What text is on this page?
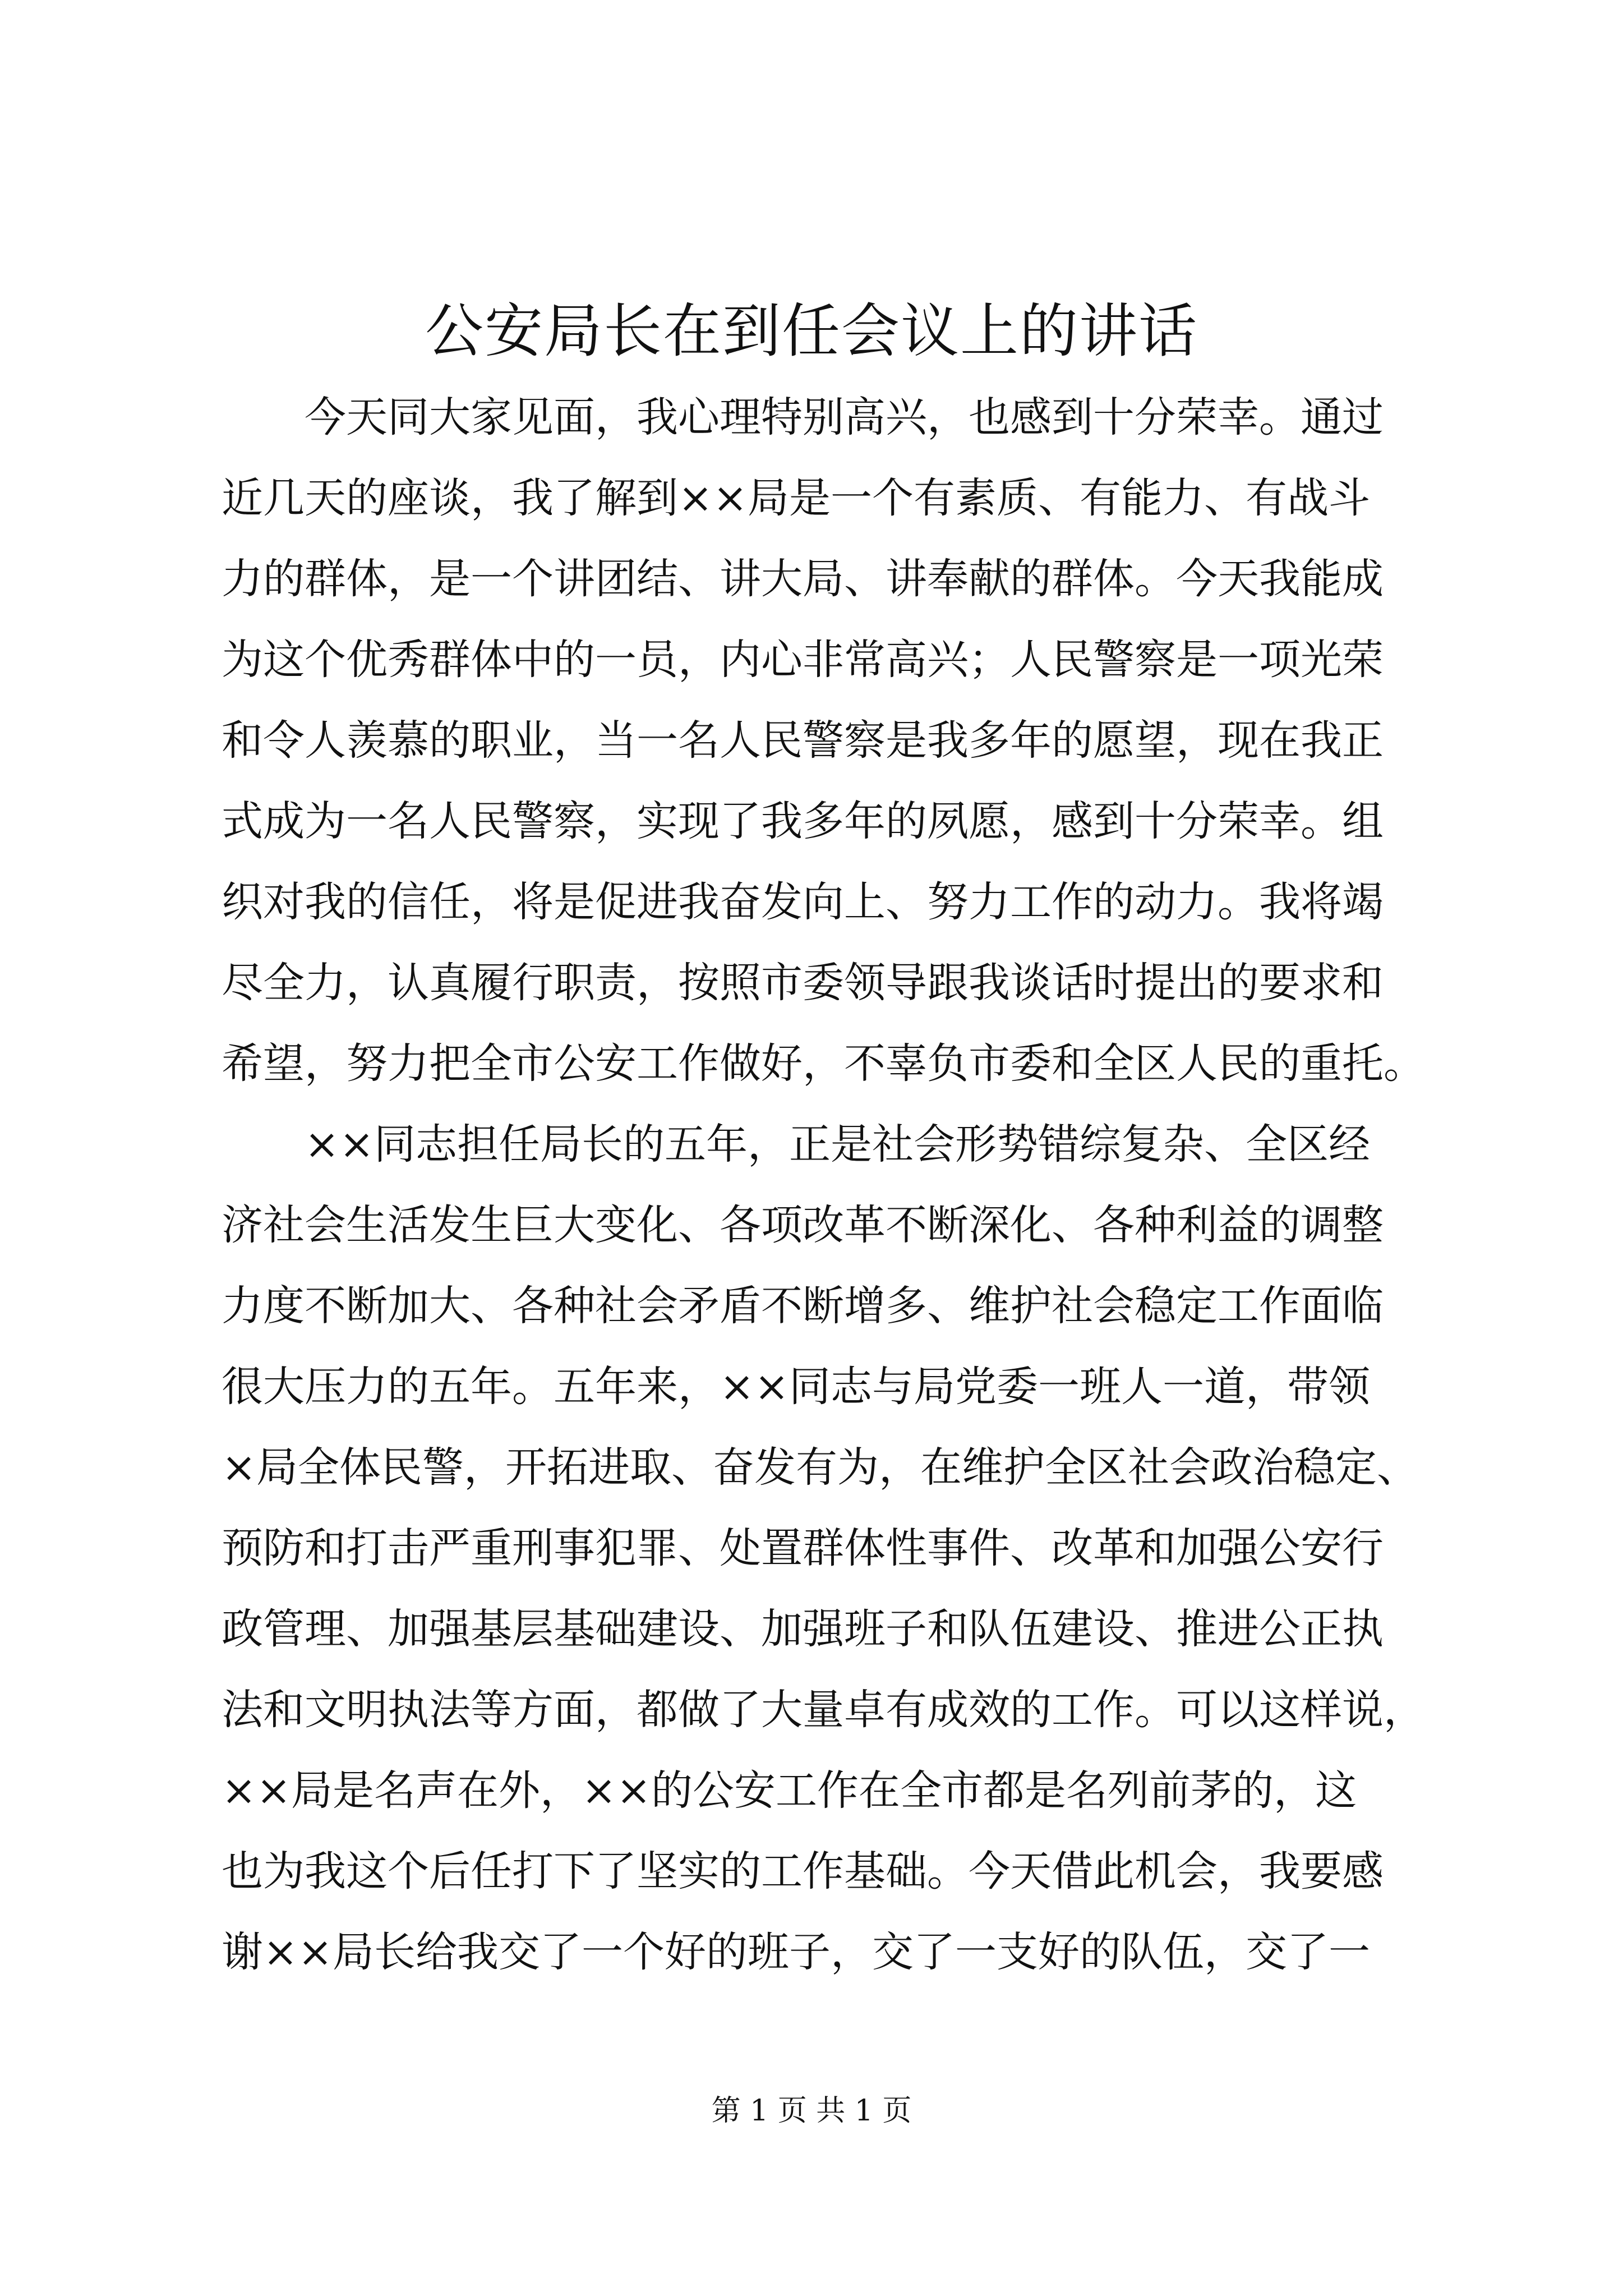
公安局长在到任会议上的讲话
今天同大家见面，我心理特别高兴，也感到十分荣幸。通过
近几天的座谈，我了解到××局是一个有素质、有能力、有战斗
力的群体，是一个讲团结、讲大局、讲奉献的群体。今天我能成
为这个优秀群体中的一员，内心非常高兴；人民警察是一项光荣
和令人羡慕的职业，当一名人民警察是我多年的愿望，现在我正
式成为一名人民警察，实现了我多年的夙愿，感到十分荣幸。组
织对我的信任，将是促进我奋发向上、努力工作的动力。我将竭
尽全力，认真履行职责，按照市委领导跟我谈话时提出的要求和
希望，努力把全市公安工作做好，不辜负市委和全区人民的重托。
××同志担任局长的五年，正是社会形势错综复杂、全区经
济社会生活发生巨大变化、各项改革不断深化、各种利益的调整
力度不断加大、各种社会矛盾不断增多、维护社会稳定工作面临
很大压力的五年。五年来，××同志与局党委一班人一道，带领
×局全体民警，开拓进取、奋发有为，在维护全区社会政治稳定、
预防和打击严重刑事犯罪、处置群体性事件、改革和加强公安行
政管理、加强基层基础建设、加强班子和队伍建设、推进公正执
法和文明执法等方面，都做了大量卓有成效的工作。可以这样说，
××局是名声在外，××的公安工作在全市都是名列前茅的，这
也为我这个后任打下了坚实的工作基础。今天借此机会，我要感
谢××局长给我交了一个好的班子，交了一支好的队伍，交了一
第 1 页 共 1 页
